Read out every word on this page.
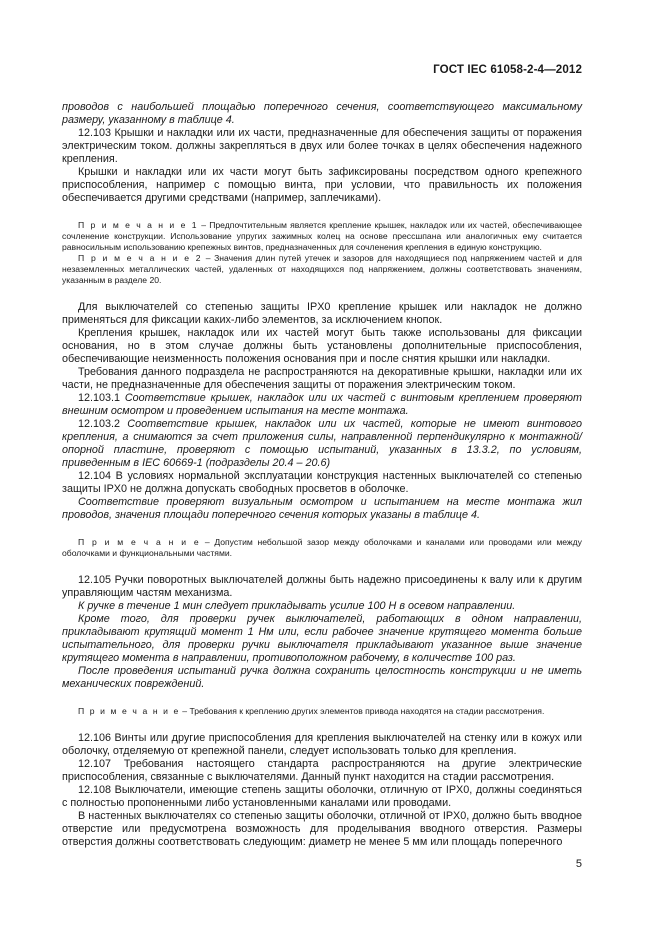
ГОСТ IEC 61058-2-4—2012

проводов с наибольшей площадью поперечного сечения, соответствующего максимальному размеру, указанному в таблице 4.

12.103 Крышки и накладки или их части, предназначенные для обеспечения защиты от поражения электрическим током. должны закрепляться в двух или более точках в целях обеспечения надежного крепления.

Крышки и накладки или их части могут быть зафиксированы посредством одного крепежного приспособления, например с помощью винта, при условии, что правильность их положения обеспечивается другими средствами (например, заплечиками).

П р и м е ч а н и е 1 – Предпочтительным является крепление крышек, накладок или их частей, обеспечивающее сочленение конструкции. Использование упругих зажимных колец на основе прессшпана или аналогичных ему считается равносильным использованию крепежных винтов, предназначенных для сочленения крепления в единую конструкцию.

П р и м е ч а н и е 2 – Значения длин путей утечек и зазоров для находящиеся под напряжением частей и для незаземленных металлических частей, удаленных от находящихся под напряжением, должны соответствовать значениям, указанным в разделе 20.

Для выключателей со степенью защиты IPX0 крепление крышек или накладок не должно применяться для фиксации каких-либо элементов, за исключением кнопок.

Крепления крышек, накладок или их частей могут быть также использованы для фиксации основания, но в этом случае должны быть установлены дополнительные приспособления, обеспечивающие неизменность положения основания при и после снятия крышки или накладки.

Требования данного подраздела не распространяются на декоративные крышки, накладки или их части, не предназначенные для обеспечения защиты от поражения электрическим током.

12.103.1 Соответствие крышек, накладок или их частей с винтовым креплением проверяют внешним осмотром и проведением испытания на месте монтажа.

12.103.2 Соответствие крышек, накладок или их частей, которые не имеют винтового крепления, а снимаются за счет приложения силы, направленной перпендикулярно к монтажной/опорной пластине, проверяют с помощью испытаний, указанных в 13.3.2, по условиям, приведенным в IEC 60669-1 (подразделы 20.4 – 20.6)

12.104 В условиях нормальной эксплуатации конструкция настенных выключателей со степенью защиты IPX0 не должна допускать свободных просветов в оболочке.

Соответствие проверяют визуальным осмотром и испытанием на месте монтажа жил проводов, значения площади поперечного сечения которых указаны в таблице 4.

П р и м е ч а н и е – Допустим небольшой зазор между оболочками и каналами или проводами или между оболочками и функциональными частями.

12.105 Ручки поворотных выключателей должны быть надежно присоединены к валу или к другим управляющим частям механизма.

К ручке в течение 1 мин следует прикладывать усилие 100 Н в осевом направлении.

Кроме того, для проверки ручек выключателей, работающих в одном направлении, прикладывают крутящий момент 1 Нм или, если рабочее значение крутящего момента больше испытательного, для проверки ручки выключателя прикладывают указанное выше значение крутящего момента в направлении, противоположном рабочему, в количестве 100 раз.

После проведения испытаний ручка должна сохранить целостность конструкции и не иметь механических повреждений.

П р и м е ч а н и е – Требования к креплению других элементов привода находятся на стадии рассмотрения.

12.106 Винты или другие приспособления для крепления выключателей на стенку или в кожух или оболочку, отделяемую от крепежной панели, следует использовать только для крепления.

12.107 Требования настоящего стандарта распространяются на другие электрические приспособления, связанные с выключателями. Данный пункт находится на стадии рассмотрения.

12.108 Выключатели, имеющие степень защиты оболочки, отличную от IPX0, должны соединяться с полностью пропоненными либо установленными каналами или проводами.

В настенных выключателях со степенью защиты оболочки, отличной от IPX0, должно быть вводное отверстие или предусмотрена возможность для проделывания вводного отверстия. Размеры отверстия должны соответствовать следующим: диаметр не менее 5 мм или площадь поперечного

5
